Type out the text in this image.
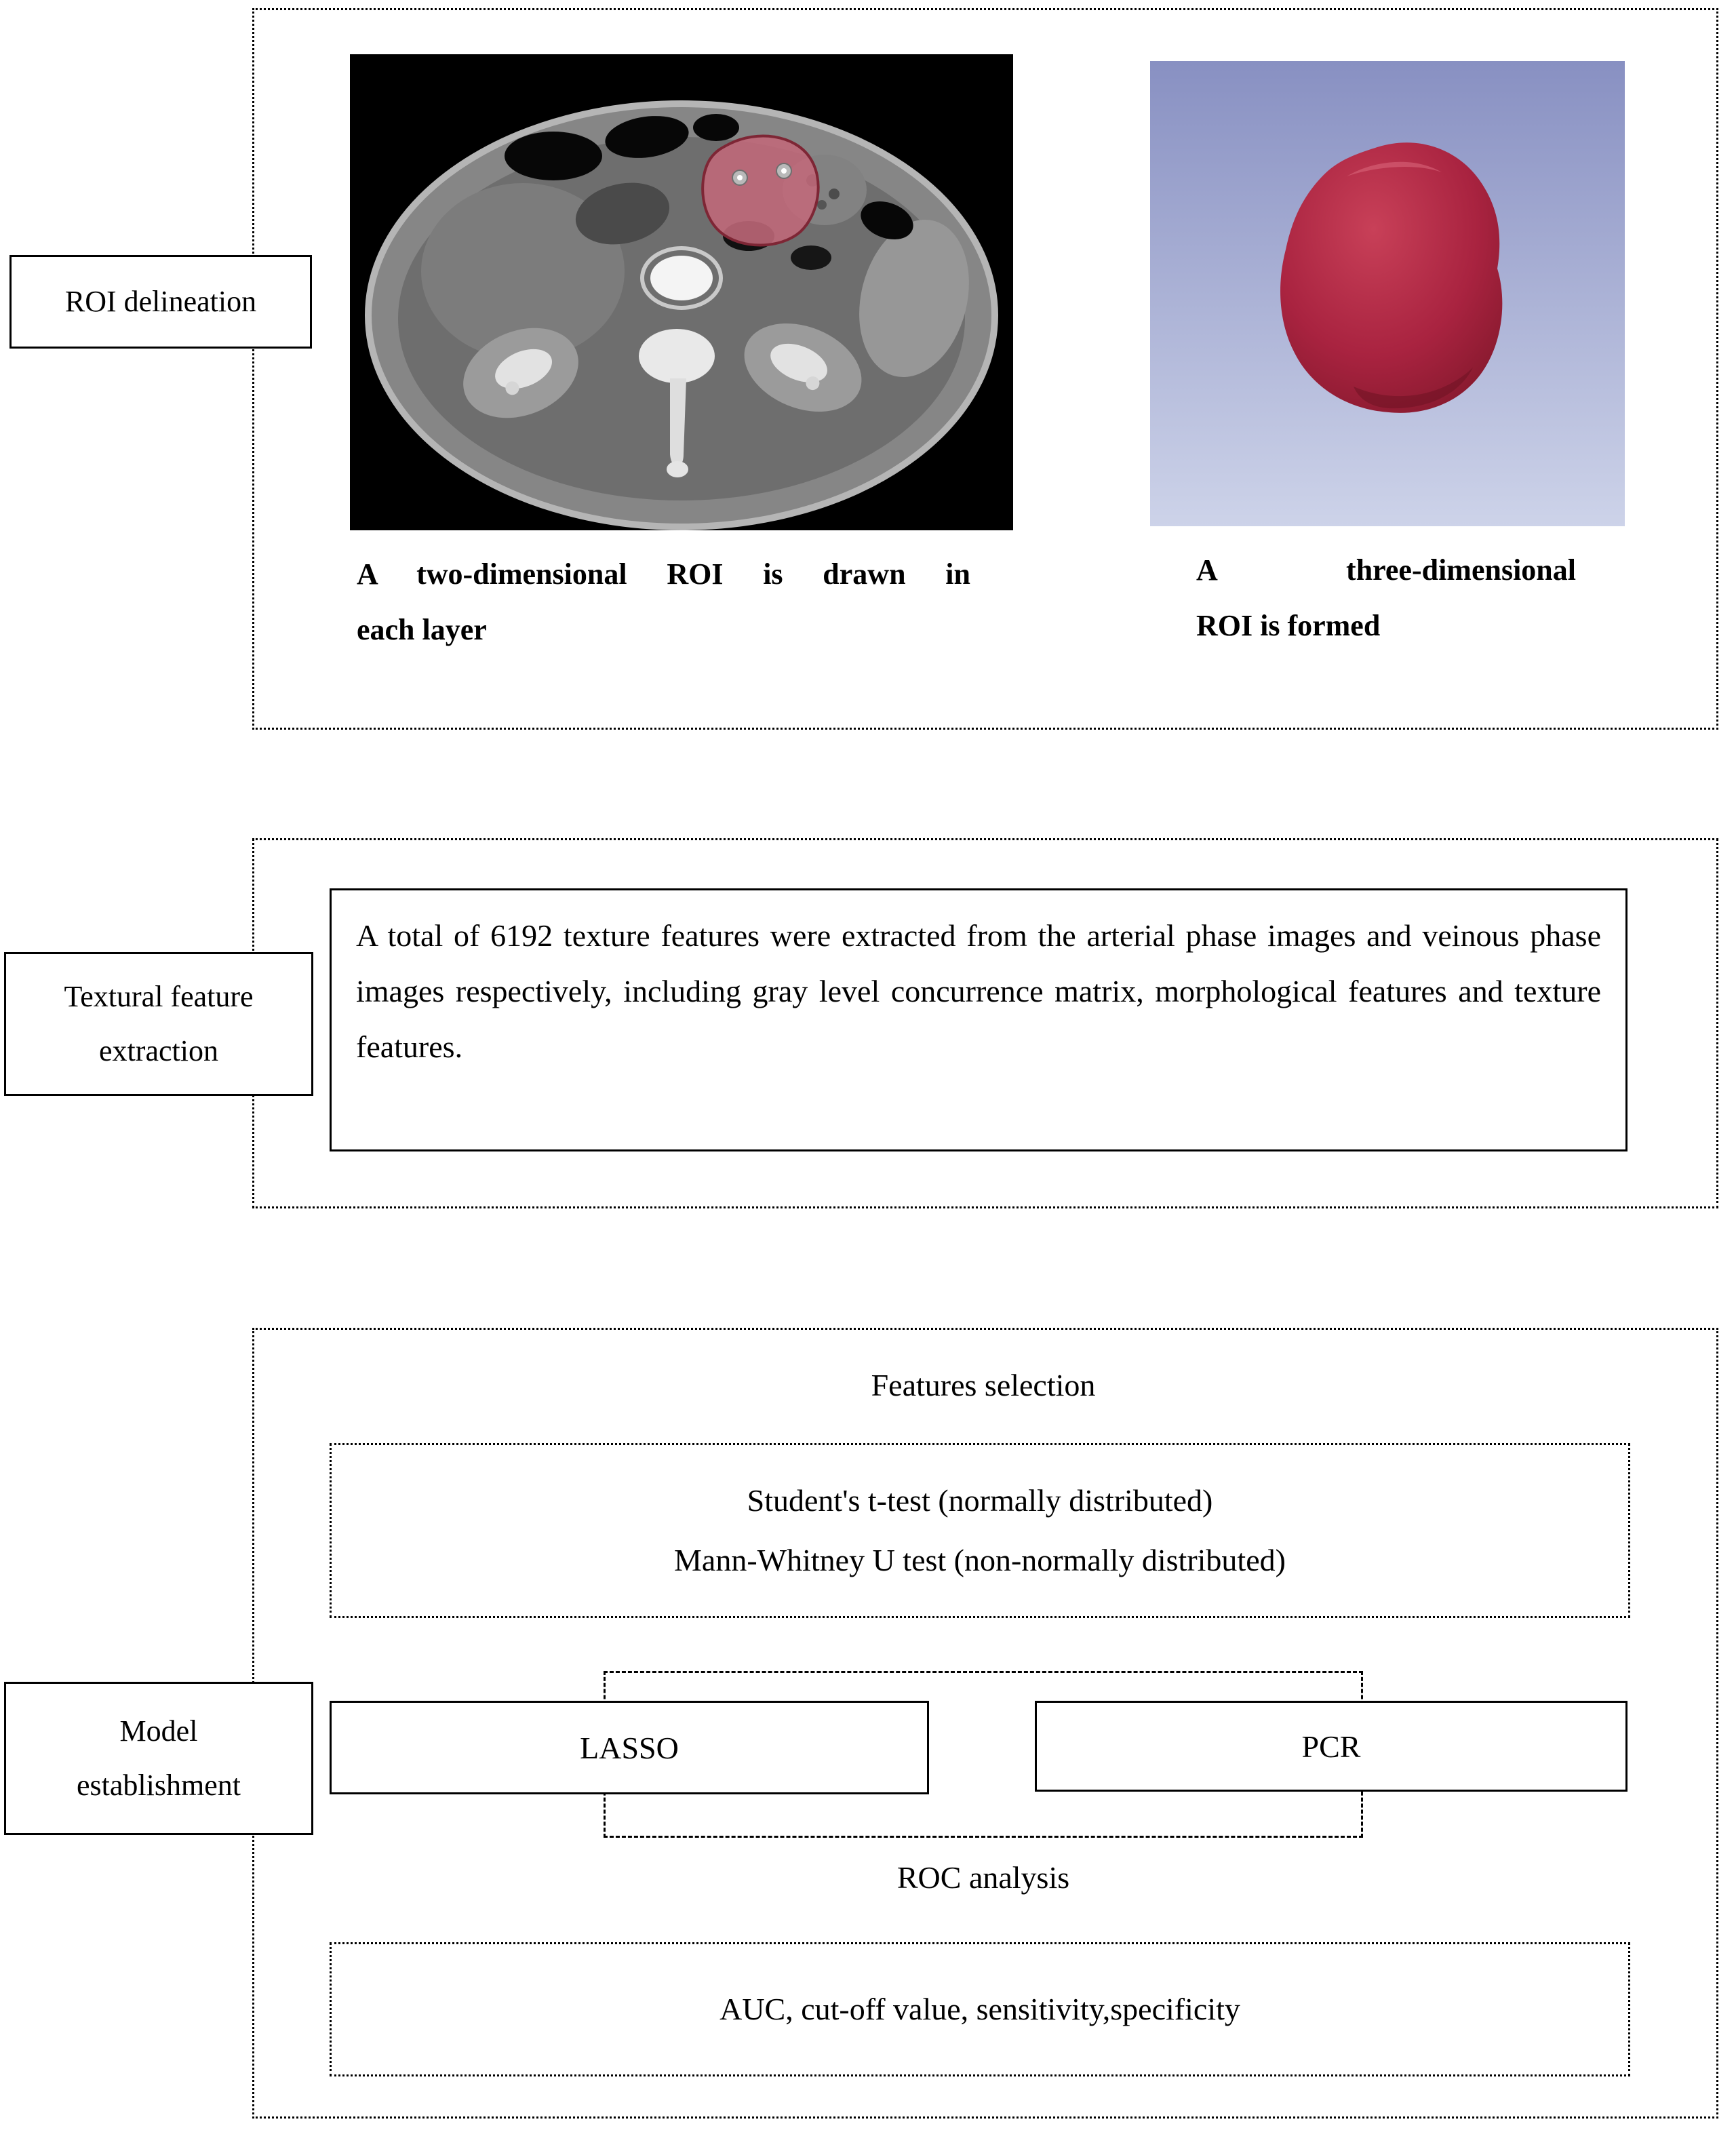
ROI delineation
A two-dimensional ROI is drawn in
each layer
A three-dimensional
ROI is formed
Textural feature
extraction
A total of 6192 texture features were extracted from the arterial phase images and veinous phase images respectively, including gray level concurrence matrix, morphological features and texture features.
Model
establishment
Features selection
Student's t-test (normally distributed)
Mann-Whitney U test (non-normally distributed)
LASSO	PCR
ROC analysis
AUC, cut-off value, sensitivity,specificity
